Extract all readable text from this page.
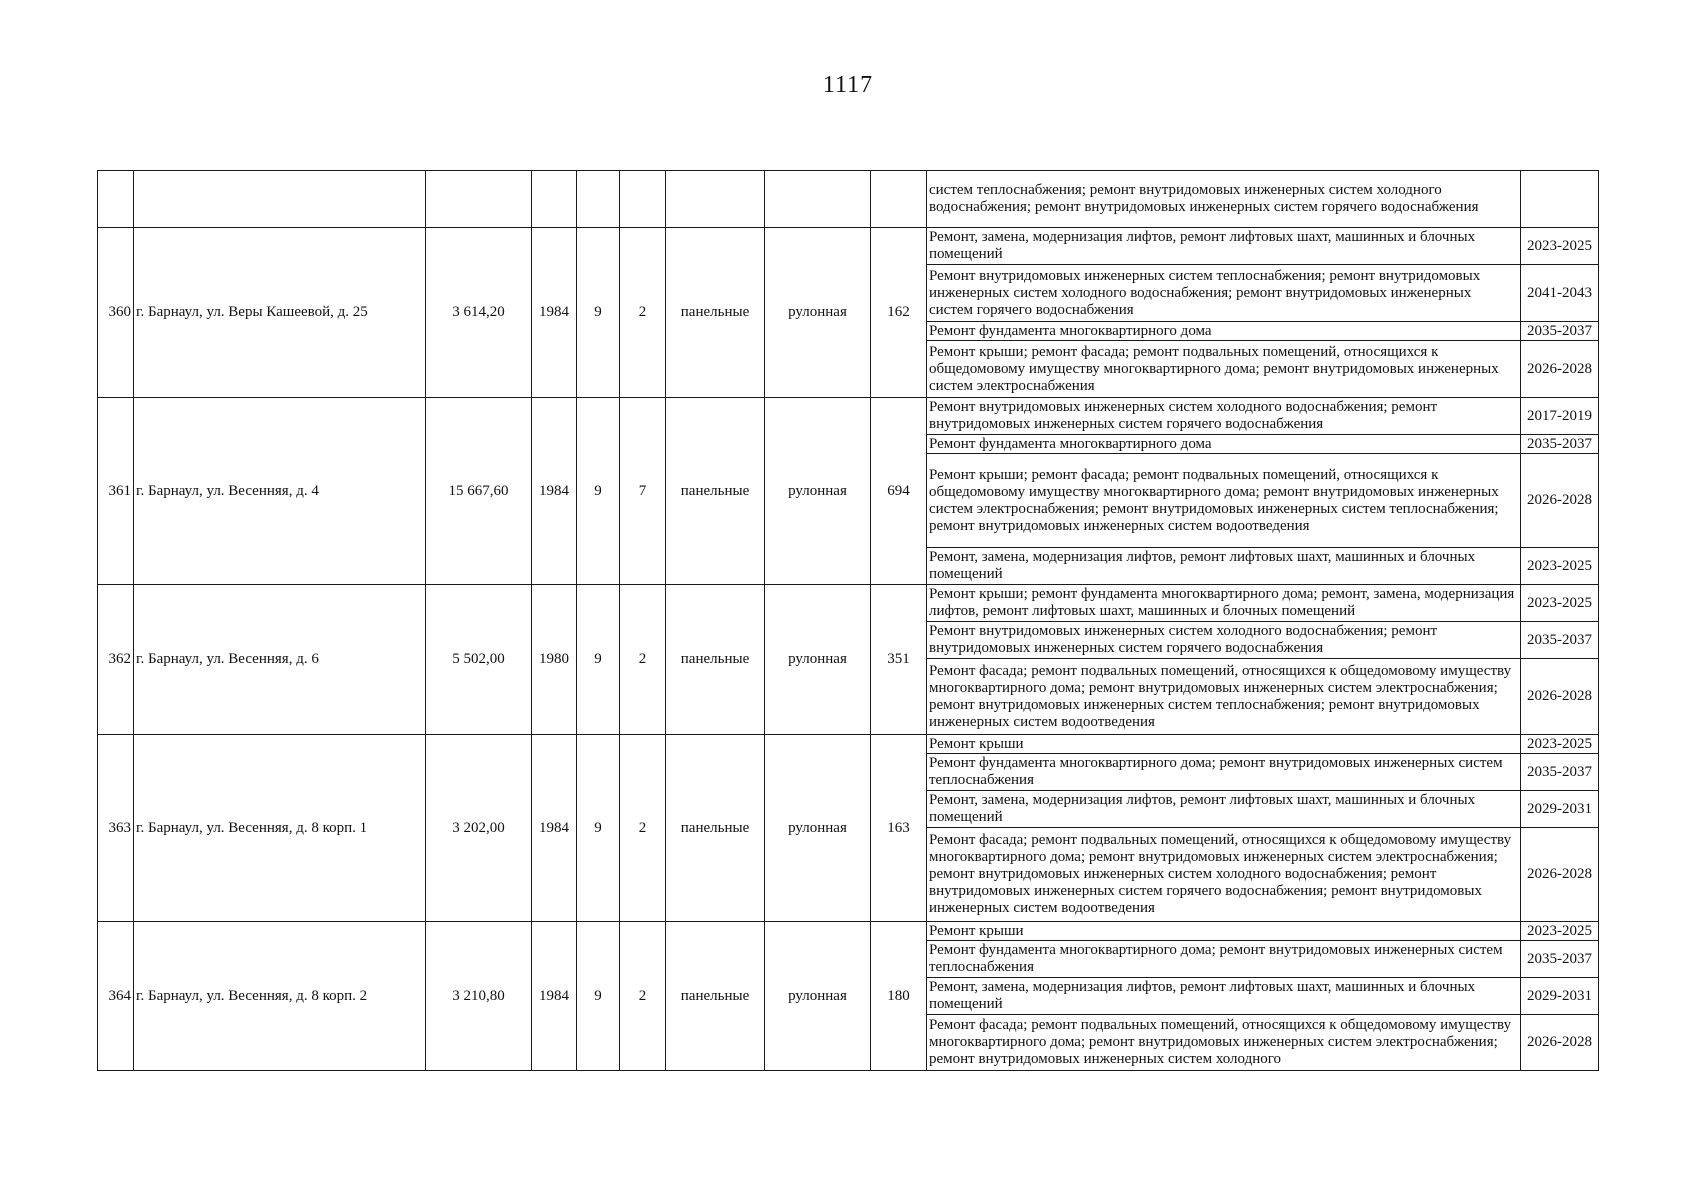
1117
									систем теплоснабжения; ремонт внутридомовых инженерных систем холодного водоснабжения; ремонт внутридомовых инженерных систем горячего водоснабжения	
360	г. Барнаул, ул. Веры Кашеевой, д. 25	3 614,20	1984	9	2	панельные	рулонная	162	Ремонт, замена, модернизация лифтов, ремонт лифтовых шахт, машинных и блочных помещений	2023-2025
									Ремонт внутридомовых инженерных систем теплоснабжения; ремонт внутридомовых инженерных систем холодного водоснабжения; ремонт внутридомовых инженерных систем горячего водоснабжения	2041-2043
									Ремонт фундамента многоквартирного дома	2035-2037
									Ремонт крыши; ремонт фасада; ремонт подвальных помещений, относящихся к общедомовому имуществу многоквартирного дома; ремонт внутридомовых инженерных систем электроснабжения	2026-2028
361	г. Барнаул, ул. Весенняя, д. 4	15 667,60	1984	9	7	панельные	рулонная	694	Ремонт внутридомовых инженерных систем холодного водоснабжения; ремонт внутридомовых инженерных систем горячего водоснабжения	2017-2019
									Ремонт фундамента многоквартирного дома	2035-2037
									Ремонт крыши; ремонт фасада; ремонт подвальных помещений, относящихся к общедомовому имуществу многоквартирного дома; ремонт внутридомовых инженерных систем электроснабжения; ремонт внутридомовых инженерных систем теплоснабжения; ремонт внутридомовых инженерных систем водоотведения	2026-2028
									Ремонт, замена, модернизация лифтов, ремонт лифтовых шахт, машинных и блочных помещений	2023-2025
362	г. Барнаул, ул. Весенняя, д. 6	5 502,00	1980	9	2	панельные	рулонная	351	Ремонт крыши; ремонт фундамента многоквартирного дома; ремонт, замена, модернизация лифтов, ремонт лифтовых шахт, машинных и блочных помещений	2023-2025
									Ремонт внутридомовых инженерных систем холодного водоснабжения; ремонт внутридомовых инженерных систем горячего водоснабжения	2035-2037
									Ремонт фасада; ремонт подвальных помещений, относящихся к общедомовому имуществу многоквартирного дома; ремонт внутридомовых инженерных систем электроснабжения; ремонт внутридомовых инженерных систем теплоснабжения; ремонт внутридомовых инженерных систем водоотведения	2026-2028
363	г. Барнаул, ул. Весенняя, д. 8 корп. 1	3 202,00	1984	9	2	панельные	рулонная	163	Ремонт крыши	2023-2025
									Ремонт фундамента многоквартирного дома; ремонт внутридомовых инженерных систем теплоснабжения	2035-2037
									Ремонт, замена, модернизация лифтов, ремонт лифтовых шахт, машинных и блочных помещений	2029-2031
									Ремонт фасада; ремонт подвальных помещений, относящихся к общедомовому имуществу многоквартирного дома; ремонт внутридомовых инженерных систем электроснабжения; ремонт внутридомовых инженерных систем холодного водоснабжения; ремонт внутридомовых инженерных систем горячего водоснабжения; ремонт внутридомовых инженерных систем водоотведения	2026-2028
364	г. Барнаул, ул. Весенняя, д. 8 корп. 2	3 210,80	1984	9	2	панельные	рулонная	180	Ремонт крыши	2023-2025
									Ремонт фундамента многоквартирного дома; ремонт внутридомовых инженерных систем теплоснабжения	2035-2037
									Ремонт, замена, модернизация лифтов, ремонт лифтовых шахт, машинных и блочных помещений	2029-2031
									Ремонт фасада; ремонт подвальных помещений, относящихся к общедомовому имуществу многоквартирного дома; ремонт внутридомовых инженерных систем электроснабжения; ремонт внутридомовых инженерных систем холодного	2026-2028
